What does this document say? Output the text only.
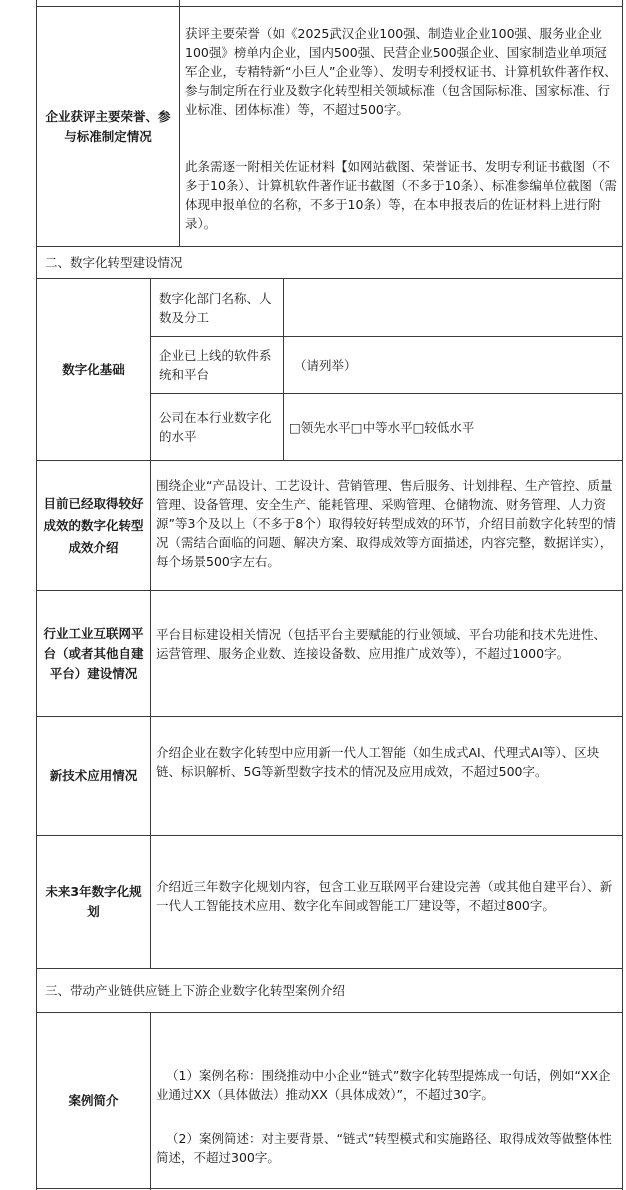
企业获评主要荣誉、参与标准制定情况

获评主要荣誉（如《2025武汉企业100强、制造业企业100强、服务业企业100强》榜单内企业，国内500强、民营企业500强企业、国家制造业单项冠军企业，专精特新“小巨人”企业等）、发明专利授权证书、计算机软件著作权、参与制定所在行业及数字化转型相关领域标准（包含国际标准、国家标准、行业标准、团体标准）等，不超过500字。

此条需逐一附相关佐证材料【如网站截图、荣誉证书、发明专利证书截图（不多于10条）、计算机软件著作证书截图（不多于10条）、标准参编单位截图（需体现申报单位的名称，不多于10条）等，在本申报表后的佐证材料上进行附录）。

二、数字化转型建设情况
数字化基础
数字化部门名称、人数及分工
企业已上线的软件系统和平台
（请列举）
公司在本行业数字化的水平
□领先水平□中等水平□较低水平
目前已经取得较好成效的数字化转型成效介绍
围绕企业“产品设计、工艺设计、营销管理、售后服务、计划排程、生产管控、质量管理、设备管理、安全生产、能耗管理、采购管理、仓储物流、财务管理、人力资源”等3个及以上（不多于8个）取得较好转型成效的环节，介绍目前数字化转型的情况（需结合面临的问题、解决方案、取得成效等方面描述，内容完整，数据详实），每个场景500字左右。
行业工业互联网平台（或者其他自建平台）建设情况
平台目标建设相关情况（包括平台主要赋能的行业领域、平台功能和技术先进性、运营管理、服务企业数、连接设备数、应用推广成效等），不超过1000字。
新技术应用情况
介绍企业在数字化转型中应用新一代人工智能（如生成式AI、代理式AI等）、区块链、标识解析、5G等新型数字技术的情况及应用成效，不超过500字。
未来3年数字化规划
介绍近三年数字化规划内容，包含工业互联网平台建设完善（或其他自建平台）、新一代人工智能技术应用、数字化车间或智能工厂建设等，不超过800字。
三、带动产业链供应链上下游企业数字化转型案例介绍
案例简介

（1）案例名称：围绕推动中小企业“链式”数字化转型提炼成一句话，例如“XX企业通过XX（具体做法）推动XX（具体成效）”，不超过30字。

（2）案例简述：对主要背景、“链式”转型模式和实施路径、取得成效等做整体性简述，不超过300字。
